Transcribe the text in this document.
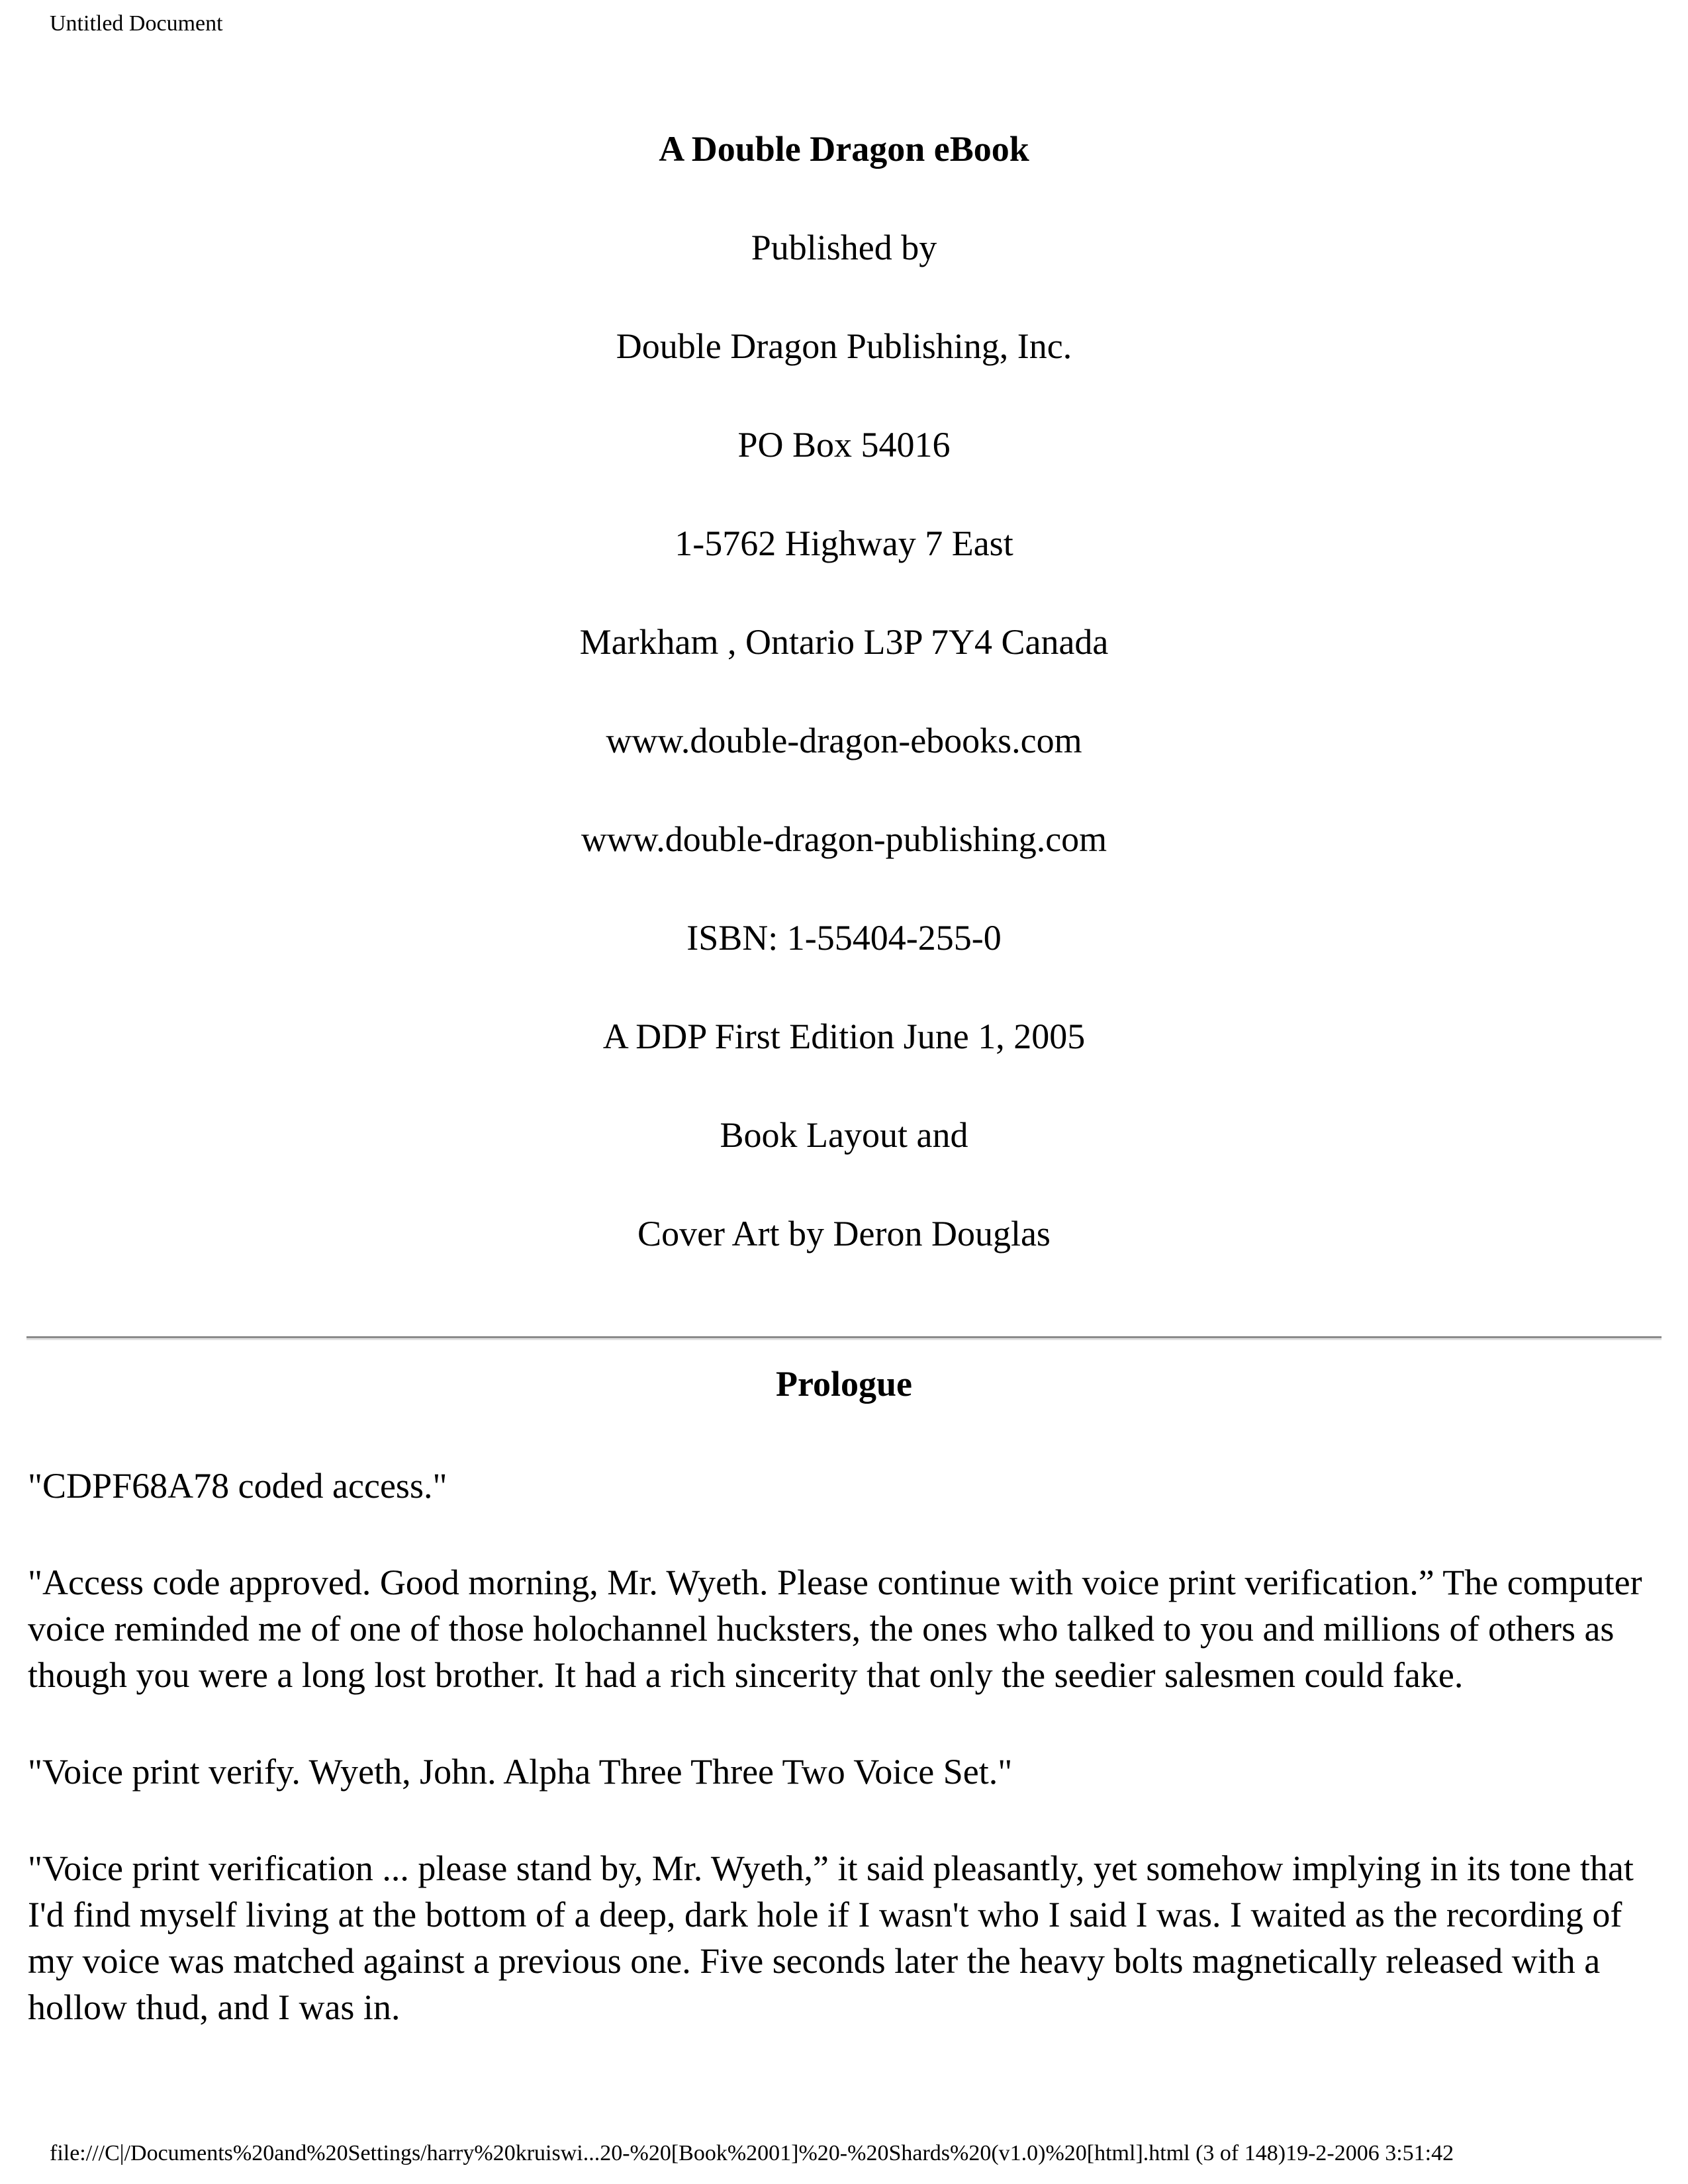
Untitled Document
A Double Dragon eBook
Published by
Double Dragon Publishing, Inc.
PO Box 54016
1-5762 Highway 7 East
Markham , Ontario L3P 7Y4 Canada
www.double-dragon-ebooks.com
www.double-dragon-publishing.com
ISBN: 1-55404-255-0
A DDP First Edition June 1, 2005
Book Layout and
Cover Art by Deron Douglas
Prologue

"CDPF68A78 coded access."

"Access code approved. Good morning, Mr. Wyeth. Please continue with voice print verification.” The computer voice reminded me of one of those holochannel hucksters, the ones who talked to you and millions of others as though you were a long lost brother. It had a rich sincerity that only the seedier salesmen could fake.

"Voice print verify. Wyeth, John. Alpha Three Three Two Voice Set."

"Voice print verification ... please stand by, Mr. Wyeth,” it said pleasantly, yet somehow implying in its tone that I'd find myself living at the bottom of a deep, dark hole if I wasn't who I said I was. I waited as the recording of my voice was matched against a previous one. Five seconds later the heavy bolts magnetically released with a hollow thud, and I was in.

file:///C|/Documents%20and%20Settings/harry%20kruiswi...20-%20[Book%2001]%20-%20Shards%20(v1.0)%20[html].html (3 of 148)19-2-2006 3:51:42
